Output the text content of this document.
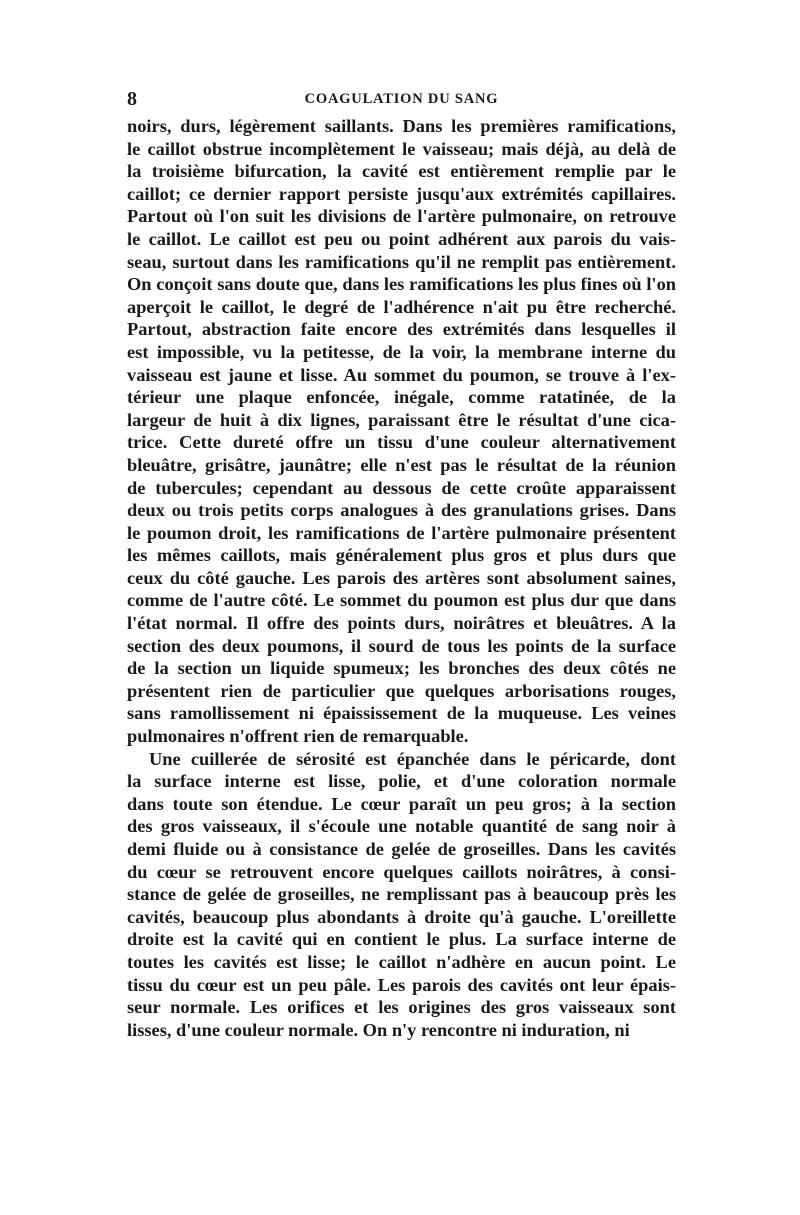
8	COAGULATION DU SANG
noirs, durs, légèrement saillants. Dans les premières ramifications,
le caillot obstrue incomplètement le vaisseau; mais déjà, au delà de
la troisième bifurcation, la cavité est entièrement remplie par le
caillot; ce dernier rapport persiste jusqu'aux extrémités capillaires.
Partout où l'on suit les divisions de l'artère pulmonaire, on retrouve
le caillot. Le caillot est peu ou point adhérent aux parois du vais-
seau, surtout dans les ramifications qu'il ne remplit pas entièrement.
On conçoit sans doute que, dans les ramifications les plus fines où l'on
aperçoit le caillot, le degré de l'adhérence n'ait pu être recherché.
Partout, abstraction faite encore des extrémités dans lesquelles il
est impossible, vu la petitesse, de la voir, la membrane interne du
vaisseau est jaune et lisse. Au sommet du poumon, se trouve à l'ex-
térieur une plaque enfoncée, inégale, comme ratatinée, de la
largeur de huit à dix lignes, paraissant être le résultat d'une cica-
trice. Cette dureté offre un tissu d'une couleur alternativement
bleuâtre, grisâtre, jaunâtre; elle n'est pas le résultat de la réunion
de tubercules; cependant au dessous de cette croûte apparaissent
deux ou trois petits corps analogues à des granulations grises. Dans
le poumon droit, les ramifications de l'artère pulmonaire présentent
les mêmes caillots, mais généralement plus gros et plus durs que
ceux du côté gauche. Les parois des artères sont absolument saines,
comme de l'autre côté. Le sommet du poumon est plus dur que dans
l'état normal. Il offre des points durs, noirâtres et bleuâtres. A la
section des deux poumons, il sourd de tous les points de la surface
de la section un liquide spumeux; les bronches des deux côtés ne
présentent rien de particulier que quelques arborisations rouges,
sans ramollissement ni épaississement de la muqueuse. Les veines
pulmonaires n'offrent rien de remarquable.
Une cuillerée de sérosité est épanchée dans le péricarde, dont
la surface interne est lisse, polie, et d'une coloration normale
dans toute son étendue. Le cœur paraît un peu gros; à la section
des gros vaisseaux, il s'écoule une notable quantité de sang noir à
demi fluide ou à consistance de gelée de groseilles. Dans les cavités
du cœur se retrouvent encore quelques caillots noirâtres, à consi-
stance de gelée de groseilles, ne remplissant pas à beaucoup près les
cavités, beaucoup plus abondants à droite qu'à gauche. L'oreillette
droite est la cavité qui en contient le plus. La surface interne de
toutes les cavités est lisse; le caillot n'adhère en aucun point. Le
tissu du cœur est un peu pâle. Les parois des cavités ont leur épais-
seur normale. Les orifices et les origines des gros vaisseaux sont
lisses, d'une couleur normale. On n'y rencontre ni induration, ni
